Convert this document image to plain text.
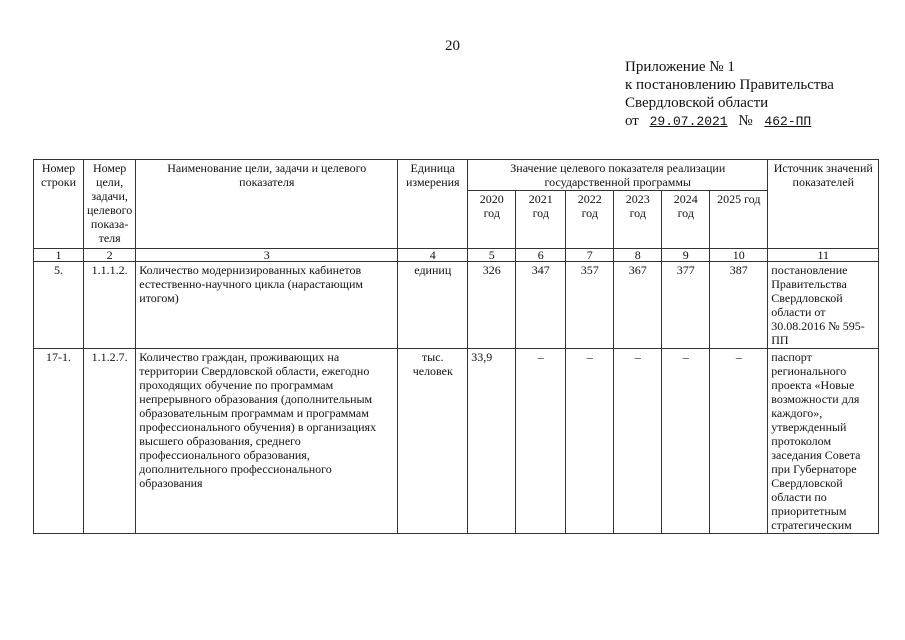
20
Приложение № 1
к постановлению Правительства
Свердловской области
от 29.07.2021 № 462-ПП
Номер строки	Номер цели, задачи, целевого показа-теля	Наименование цели, задачи и целевого показателя	Единица измерения	Значение целевого показателя реализации государственной программы						Источник значений показателей
				2020 год	2021 год	2022 год	2023 год	2024 год	2025 год	
1	2	3	4	5	6	7	8	9	10	11
5.	1.1.1.2.	Количество модернизированных кабинетов естественно-научного цикла (нарастающим итогом)	единиц	326	347	357	367	377	387	постановление Правительства Свердловской области от 30.08.2016 № 595-ПП
17-1.	1.1.2.7.	Количество граждан, проживающих на территории Свердловской области, ежегодно проходящих обучение по программам непрерывного образования (дополнительным образовательным программам и программам профессионального обучения) в организациях высшего образования, среднего профессионального образования, дополнительного профессионального образования	тыс. человек	33,9	–	–	–	–	–	паспорт регионального проекта «Новые возможности для каждого», утвержденный протоколом заседания Совета при Губернаторе Свердловской области по приоритетным стратегическим
